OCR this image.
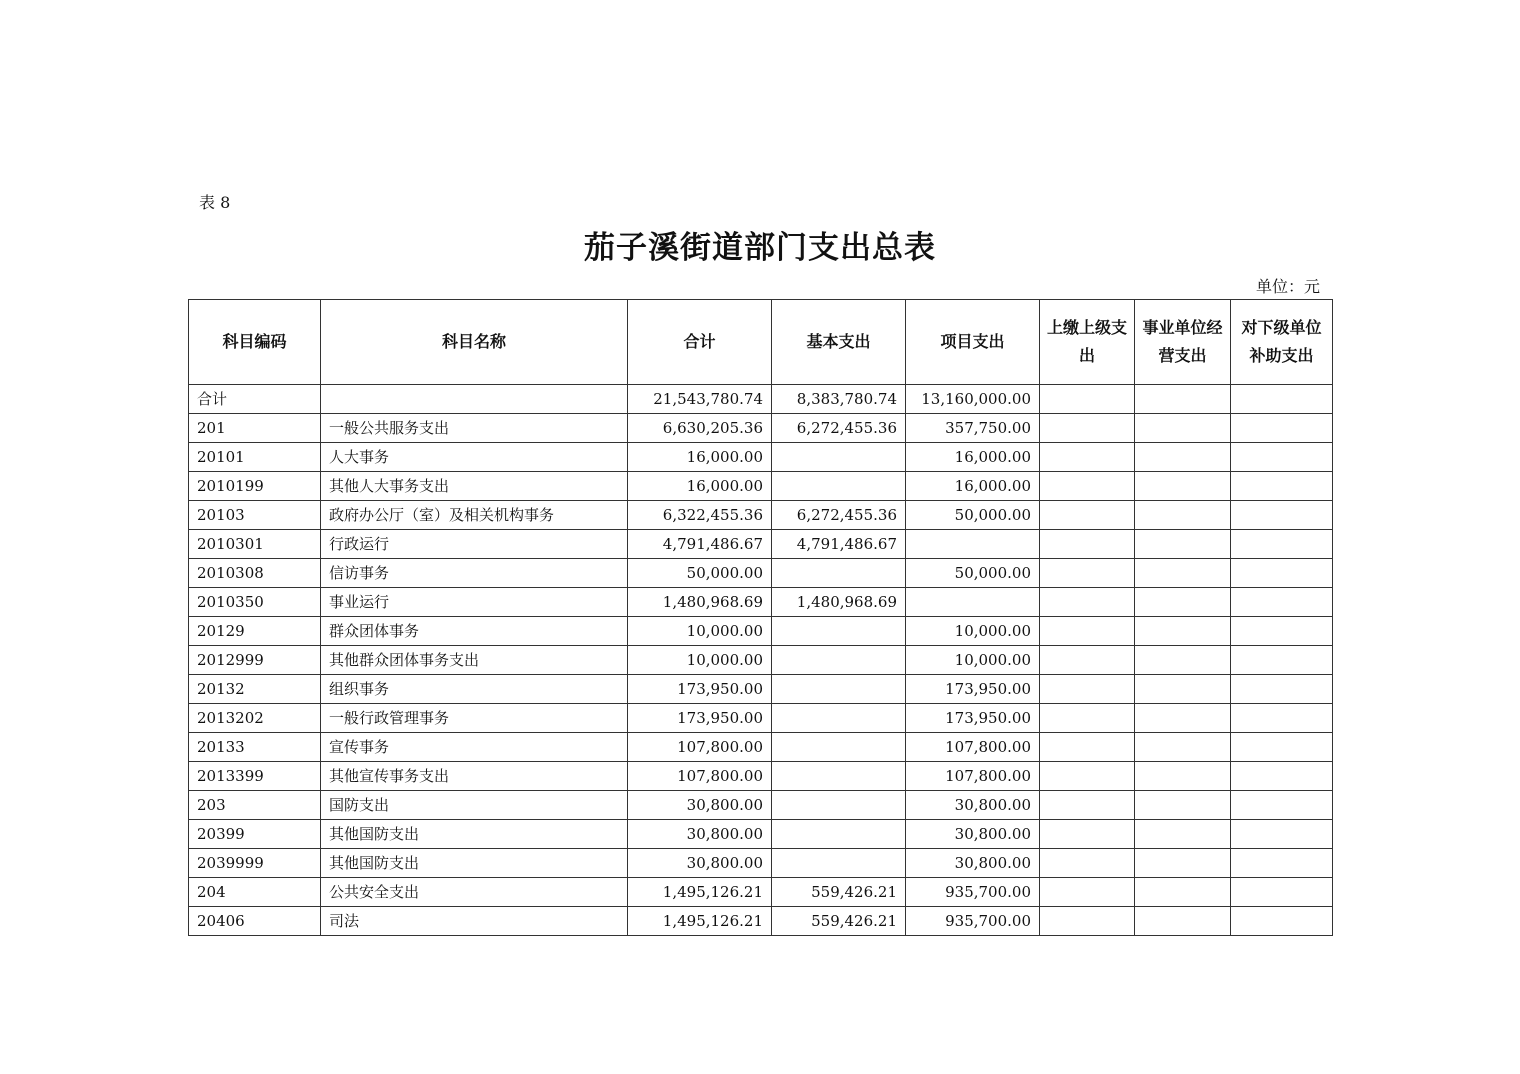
表 8
茄子溪街道部门支出总表
单位：元
科目编码	科目名称	合计	基本支出	项目支出	上缴上级支出	事业单位经营支出	对下级单位补助支出
合计		21,543,780.74	8,383,780.74	13,160,000.00			
201	一般公共服务支出	6,630,205.36	6,272,455.36	357,750.00			
20101	人大事务	16,000.00		16,000.00			
2010199	其他人大事务支出	16,000.00		16,000.00			
20103	政府办公厅（室）及相关机构事务	6,322,455.36	6,272,455.36	50,000.00			
2010301	行政运行	4,791,486.67	4,791,486.67				
2010308	信访事务	50,000.00		50,000.00			
2010350	事业运行	1,480,968.69	1,480,968.69				
20129	群众团体事务	10,000.00		10,000.00			
2012999	其他群众团体事务支出	10,000.00		10,000.00			
20132	组织事务	173,950.00		173,950.00			
2013202	一般行政管理事务	173,950.00		173,950.00			
20133	宣传事务	107,800.00		107,800.00			
2013399	其他宣传事务支出	107,800.00		107,800.00			
203	国防支出	30,800.00		30,800.00			
20399	其他国防支出	30,800.00		30,800.00			
2039999	其他国防支出	30,800.00		30,800.00			
204	公共安全支出	1,495,126.21	559,426.21	935,700.00			
20406	司法	1,495,126.21	559,426.21	935,700.00			
